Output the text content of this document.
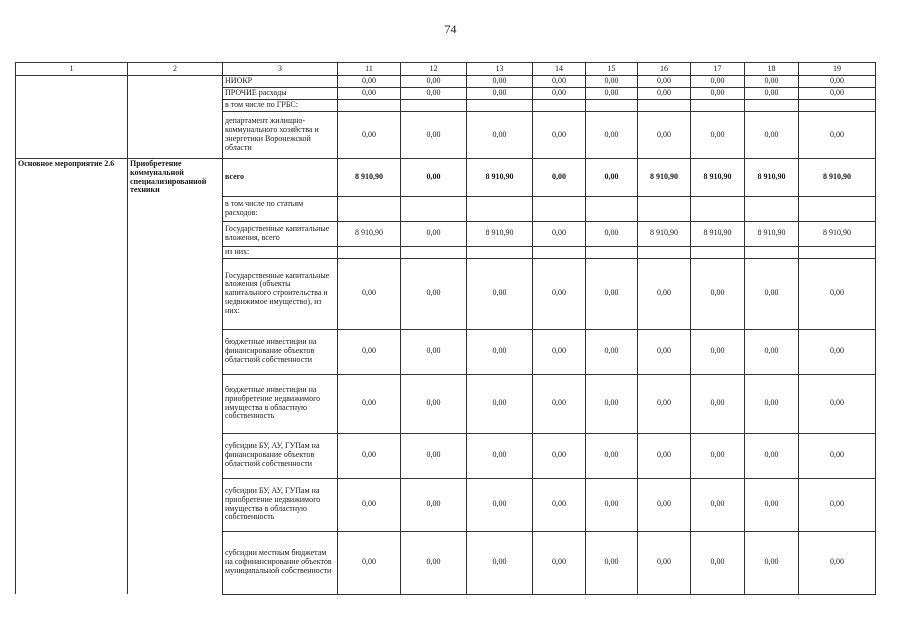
74
1	2	3	11	12	13	14	15	16	17	18	19
		НИОКР	0,00	0,00	0,00	0,00	0,00	0,00	0,00	0,00	0,00
		ПРОЧИЕ расходы	0,00	0,00	0,00	0,00	0,00	0,00	0,00	0,00	0,00
		в том числе по ГРБС:									
		департамент жилищно-коммунального хозяйства и энергетики Воронежской области	0,00	0,00	0,00	0,00	0,00	0,00	0,00	0,00	0,00
Основное мероприятие 2.6	Приобретение коммунальной специализированной техники	всего	8 910,90	0,00	8 910,90	0,00	0,00	8 910,90	8 910,90	8 910,90	8 910,90
		в том числе по статьям расходов:									
		Государственные капитальные вложения, всего	8 910,90	0,00	8 910,90	0,00	0,00	8 910,90	8 910,90	8 910,90	8 910,90
		из них:									
		Государственные капитальные вложения (объекты капитального строительства и недвижимое имущество), из них:	0,00	0,00	0,00	0,00	0,00	0,00	0,00	0,00	0,00
		бюджетные инвестиции на финансирование объектов областной собственности	0,00	0,00	0,00	0,00	0,00	0,00	0,00	0,00	0,00
		бюджетные инвестиции на приобретение недвижимого имущества в областную собственность	0,00	0,00	0,00	0,00	0,00	0,00	0,00	0,00	0,00
		субсидии БУ, АУ, ГУПам на финансирование объектов областной собственности	0,00	0,00	0,00	0,00	0,00	0,00	0,00	0,00	0,00
		субсидии БУ, АУ, ГУПам на приобретение недвижимого имущества в областную собственность	0,00	0,00	0,00	0,00	0,00	0,00	0,00	0,00	0,00
		субсидии местным бюджетам на софинансирование объектов муниципальной собственности	0,00	0,00	0,00	0,00	0,00	0,00	0,00	0,00	0,00
